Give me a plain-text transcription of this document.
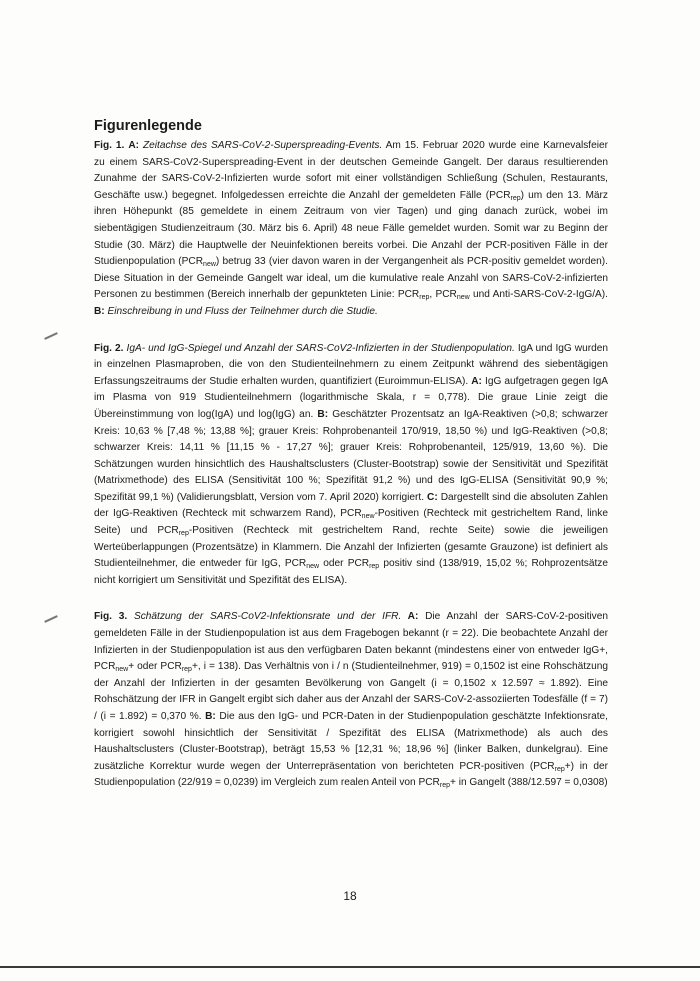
Figurenlegende

Fig. 1. A: Zeitachse des SARS-CoV-2-Superspreading-Events. Am 15. Februar 2020 wurde eine Karnevalsfeier zu einem SARS-CoV2-Superspreading-Event in der deutschen Gemeinde Gangelt. Der daraus resultierenden Zunahme der SARS-CoV-2-Infizierten wurde sofort mit einer vollständigen Schließung (Schulen, Restaurants, Geschäfte usw.) begegnet. Infolgedessen erreichte die Anzahl der gemeldeten Fälle $(PCR_{rep})$ um den 13. März ihren Höhepunkt (85 gemeldete in einem Zeitraum von vier Tagen) und ging danach zurück, wobei im siebentägigen Studienzeitraum (30. März bis 6. April) 48 neue Fälle gemeldet wurden. Somit war zu Beginn der Studie (30. März) die Hauptwelle der Neuinfektionen bereits vorbei. Die Anzahl der PCR-positiven Fälle in der Studienpopulation $(PCR_{new})$ betrug 33 (vier davon waren in der Vergangenheit als PCR-positiv gemeldet worden). Diese Situation in der Gemeinde Gangelt war ideal, um die kumulative reale Anzahl von SARS-CoV-2-infizierten Personen zu bestimmen (Bereich innerhalb der gepunkteten Linie: $PCR_{rep}$, $PCR_{new}$ und Anti-SARS-CoV-2-IgG/A). B: Einschreibung in und Fluss der Teilnehmer durch die Studie.

Fig. 2. IgA- und IgG-Spiegel und Anzahl der SARS-CoV2-Infizierten in der Studienpopulation. IgA und IgG wurden in einzelnen Plasmaproben, die von den Studienteilnehmern zu einem Zeitpunkt während des siebentägigen Erfassungszeitraums der Studie erhalten wurden, quantifiziert (Euroimmun-ELISA). A: IgG aufgetragen gegen IgA im Plasma von 919 Studienteilnehmern (logarithmische Skala, r = 0,778). Die graue Linie zeigt die Übereinstimmung von log(IgA) und log(IgG) an. B: Geschätzter Prozentsatz an IgA-Reaktiven (>0,8; schwarzer Kreis: 10,63 % [7,48 %; 13,88 %]; grauer Kreis: Rohprobenanteil 170/919, 18,50 %) und IgG-Reaktiven (>0,8; schwarzer Kreis: 14,11 % [11,15 % - 17,27 %]; grauer Kreis: Rohprobenanteil, 125/919, 13,60 %). Die Schätzungen wurden hinsichtlich des Haushaltsclusters (Cluster-Bootstrap) sowie der Sensitivität und Spezifität (Matrixmethode) des ELISA (Sensitivität 100 %; Spezifität 91,2 %) und des IgG-ELISA (Sensitivität 90,9 %; Spezifität 99,1 %) (Validierungsblatt, Version vom 7. April 2020) korrigiert. C: Dargestellt sind die absoluten Zahlen der IgG-Reaktiven (Rechteck mit schwarzem Rand), $PCR_{new}$-Positiven (Rechteck mit gestricheltem Rand, linke Seite) und $PCR_{rep}$-Positiven (Rechteck mit gestricheltem Rand, rechte Seite) sowie die jeweiligen Werteüberlappungen (Prozentsätze) in Klammern. Die Anzahl der Infizierten (gesamte Grauzone) ist definiert als Studienteilnehmer, die entweder für IgG, $PCR_{new}$ oder $PCR_{rep}$ positiv sind (138/919, 15,02 %; Rohprozentsätze nicht korrigiert um Sensitivität und Spezifität des ELISA).

Fig. 3. Schätzung der SARS-CoV2-Infektionsrate und der IFR. A: Die Anzahl der SARS-CoV-2-positiven gemeldeten Fälle in der Studienpopulation ist aus dem Fragebogen bekannt (r = 22). Die beobachtete Anzahl der Infizierten in der Studienpopulation ist aus den verfügbaren Daten bekannt (mindestens einer von entweder IgG+, $PCR_{new}+$ oder $PCR_{rep}+$, i = 138). Das Verhältnis von i / n (Studienteilnehmer, 919) = 0,1502 ist eine Rohschätzung der Anzahl der Infizierten in der gesamten Bevölkerung von Gangelt (i = 0,1502 x 12.597 ≈ 1.892). Eine Rohschätzung der IFR in Gangelt ergibt sich daher aus der Anzahl der SARS-CoV-2-assoziierten Todesfälle (f = 7) / (i = 1.892) = 0,370 %. B: Die aus den IgG- und PCR-Daten in der Studienpopulation geschätzte Infektionsrate, korrigiert sowohl hinsichtlich der Sensitivität / Spezifität des ELISA (Matrixmethode) als auch des Haushaltsclusters (Cluster-Bootstrap), beträgt 15,53 % [12,31 %; 18,96 %] (linker Balken, dunkelgrau). Eine zusätzliche Korrektur wurde wegen der Unterrepräsentation von berichteten PCR-positiven $(PCR_{rep}+)$ in der Studienpopulation (22/919 = 0,0239) im Vergleich zum realen Anteil von $PCR_{rep}+$ in Gangelt (388/12.597 = 0,0308)

18
